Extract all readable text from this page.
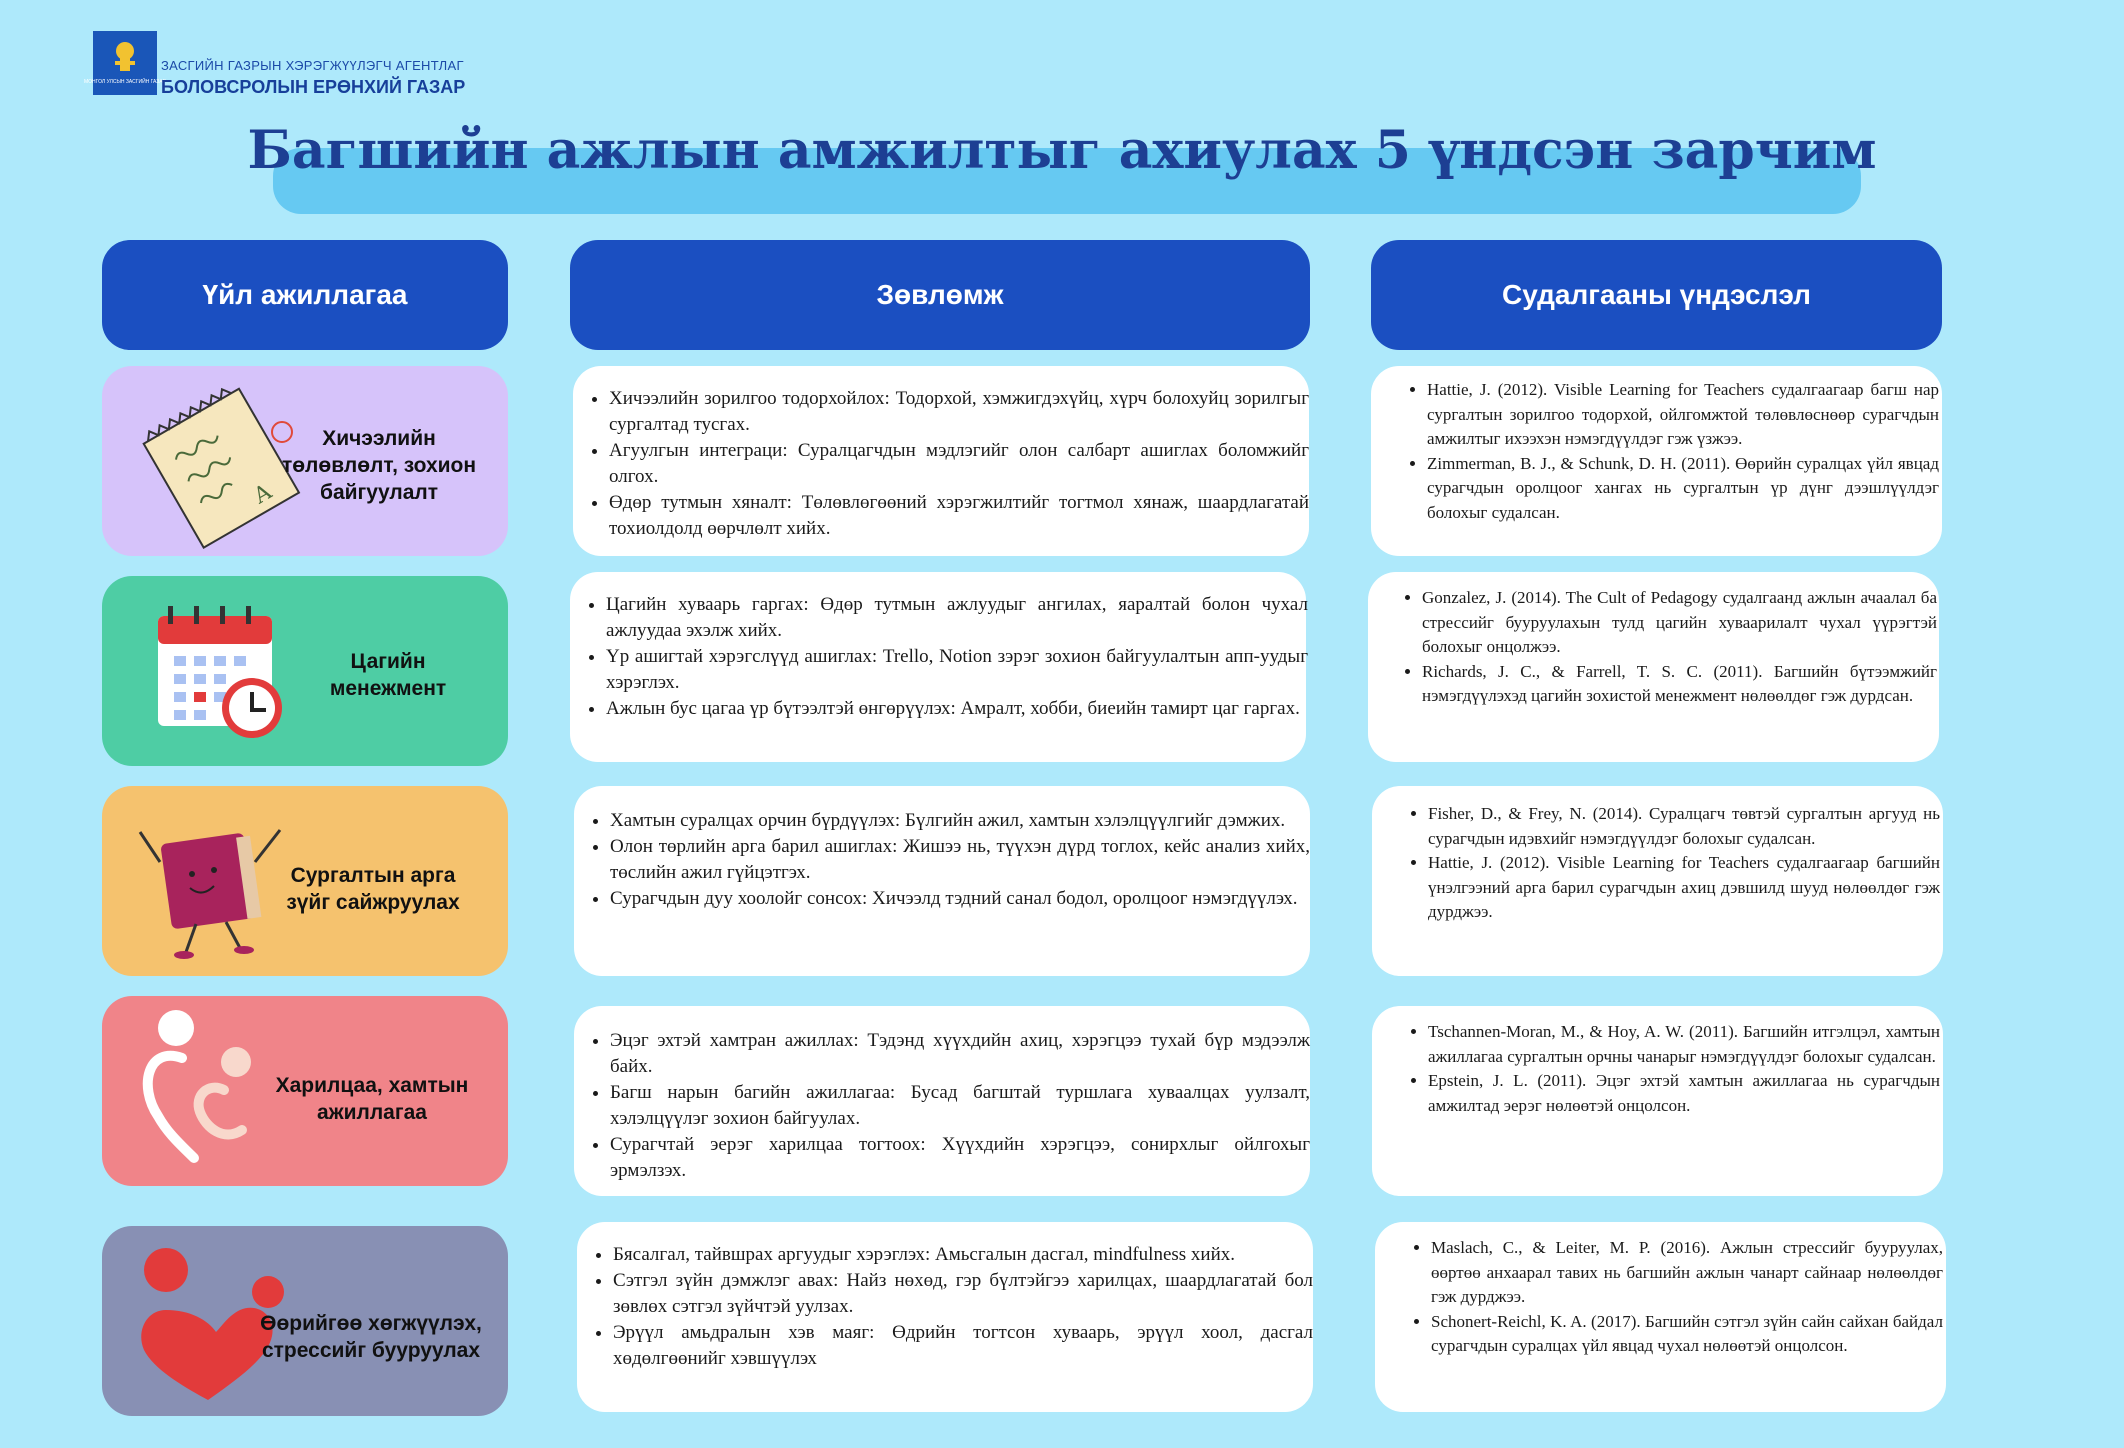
МОНГОЛ УЛСЫН ЗАСГИЙН ГАЗАР
ЗАСГИЙН ГАЗРЫН ХЭРЭГЖҮҮЛЭГЧ АГЕНТЛАГ
БОЛОВСРОЛЫН ЕРӨНХИЙ ГАЗАР
Багшийн ажлын амжилтыг ахиулах 5 үндсэн зарчим
Үйл ажиллагаа	Зөвлөмж	Судалгааны үндэслэл
A
Хичээлийн төлөвлөлт, зохион байгуулалт
• Хичээлийн зорилгоо тодорхойлох: Тодорхой, хэмжигдэхүйц, хүрч болохуйц зорилгыг сургалтад тусгах.
• Агуулгын интеграци: Суралцагчдын мэдлэгийг олон салбарт ашиглах боломжийг олгох.
• Өдөр тутмын хяналт: Төлөвлөгөөний хэрэгжилтийг тогтмол хянаж, шаардлагатай тохиолдолд өөрчлөлт хийх.
• Hattie, J. (2012). Visible Learning for Teachers судалгаагаар багш нар сургалтын зорилгоо тодорхой, ойлгомжтой төлөвлөснөөр сурагчдын амжилтыг ихээхэн нэмэгдүүлдэг гэж үзжээ.
• Zimmerman, B. J., & Schunk, D. H. (2011). Өөрийн суралцах үйл явцад сурагчдын оролцоог хангах нь сургалтын үр дүнг дээшлүүлдэг болохыг судалсан.
Цагийн менежмент
• Цагийн хуваарь гаргах: Өдөр тутмын ажлуудыг ангилах, яаралтай болон чухал ажлуудаа эхэлж хийх.
• Үр ашигтай хэрэгслүүд ашиглах: Trello, Notion зэрэг зохион байгуулалтын апп-уудыг хэрэглэх.
• Ажлын бус цагаа үр бүтээлтэй өнгөрүүлэх: Амралт, хобби, биеийн тамирт цаг гаргах.
• Gonzalez, J. (2014). The Cult of Pedagogy судалгаанд ажлын ачаалал ба стрессийг бууруулахын тулд цагийн хуваарилалт чухал үүрэгтэй болохыг онцолжээ.
• Richards, J. C., & Farrell, T. S. C. (2011). Багшийн бүтээмжийг нэмэгдүүлэхэд цагийн зохистой менежмент нөлөөлдөг гэж дурдсан.
Сургалтын арга зүйг сайжруулах
• Хамтын суралцах орчин бүрдүүлэх: Бүлгийн ажил, хамтын хэлэлцүүлгийг дэмжих.
• Олон төрлийн арга барил ашиглах: Жишээ нь, түүхэн дүрд тоглох, кейс анализ хийх, төслийн ажил гүйцэтгэх.
• Сурагчдын дуу хоолойг сонсох: Хичээлд тэдний санал бодол, оролцоог нэмэгдүүлэх.
• Fisher, D., & Frey, N. (2014). Суралцагч төвтэй сургалтын аргууд нь сурагчдын идэвхийг нэмэгдүүлдэг болохыг судалсан.
• Hattie, J. (2012). Visible Learning for Teachers судалгаагаар багшийн үнэлгээний арга барил сурагчдын ахиц дэвшилд шууд нөлөөлдөг гэж дурджээ.
Харилцаа, хамтын ажиллагаа
• Эцэг эхтэй хамтран ажиллах: Тэдэнд хүүхдийн ахиц, хэрэгцээ тухай бүр мэдээлж байх.
• Багш нарын багийн ажиллагаа: Бусад багштай туршлага хуваалцах уулзалт, хэлэлцүүлэг зохион байгуулах.
• Сурагчтай эерэг харилцаа тогтоох: Хүүхдийн хэрэгцээ, сонирхлыг ойлгохыг эрмэлзэх.
• Tschannen-Moran, M., & Hoy, A. W. (2011). Багшийн итгэлцэл, хамтын ажиллагаа сургалтын орчны чанарыг нэмэгдүүлдэг болохыг судалсан.
• Epstein, J. L. (2011). Эцэг эхтэй хамтын ажиллагаа нь сурагчдын амжилтад эерэг нөлөөтэй онцолсон.
Өөрийгөө хөгжүүлэх, стрессийг бууруулах
• Бясалгал, тайвшрах аргуудыг хэрэглэх: Амьсгалын дасгал, mindfulness хийх.
• Сэтгэл зүйн дэмжлэг авах: Найз нөхөд, гэр бүлтэйгээ харилцах, шаардлагатай бол зөвлөх сэтгэл зүйчтэй уулзах.
• Эрүүл амьдралын хэв маяг: Өдрийн тогтсон хуваарь, эрүүл хоол, дасгал хөдөлгөөнийг хэвшүүлэх
• Maslach, C., & Leiter, M. P. (2016). Ажлын стрессийг бууруулах, өөртөө анхаарал тавих нь багшийн ажлын чанарт сайнаар нөлөөлдөг гэж дурджээ.
• Schonert-Reichl, K. A. (2017). Багшийн сэтгэл зүйн сайн сайхан байдал сурагчдын суралцах үйл явцад чухал нөлөөтэй онцолсон.
